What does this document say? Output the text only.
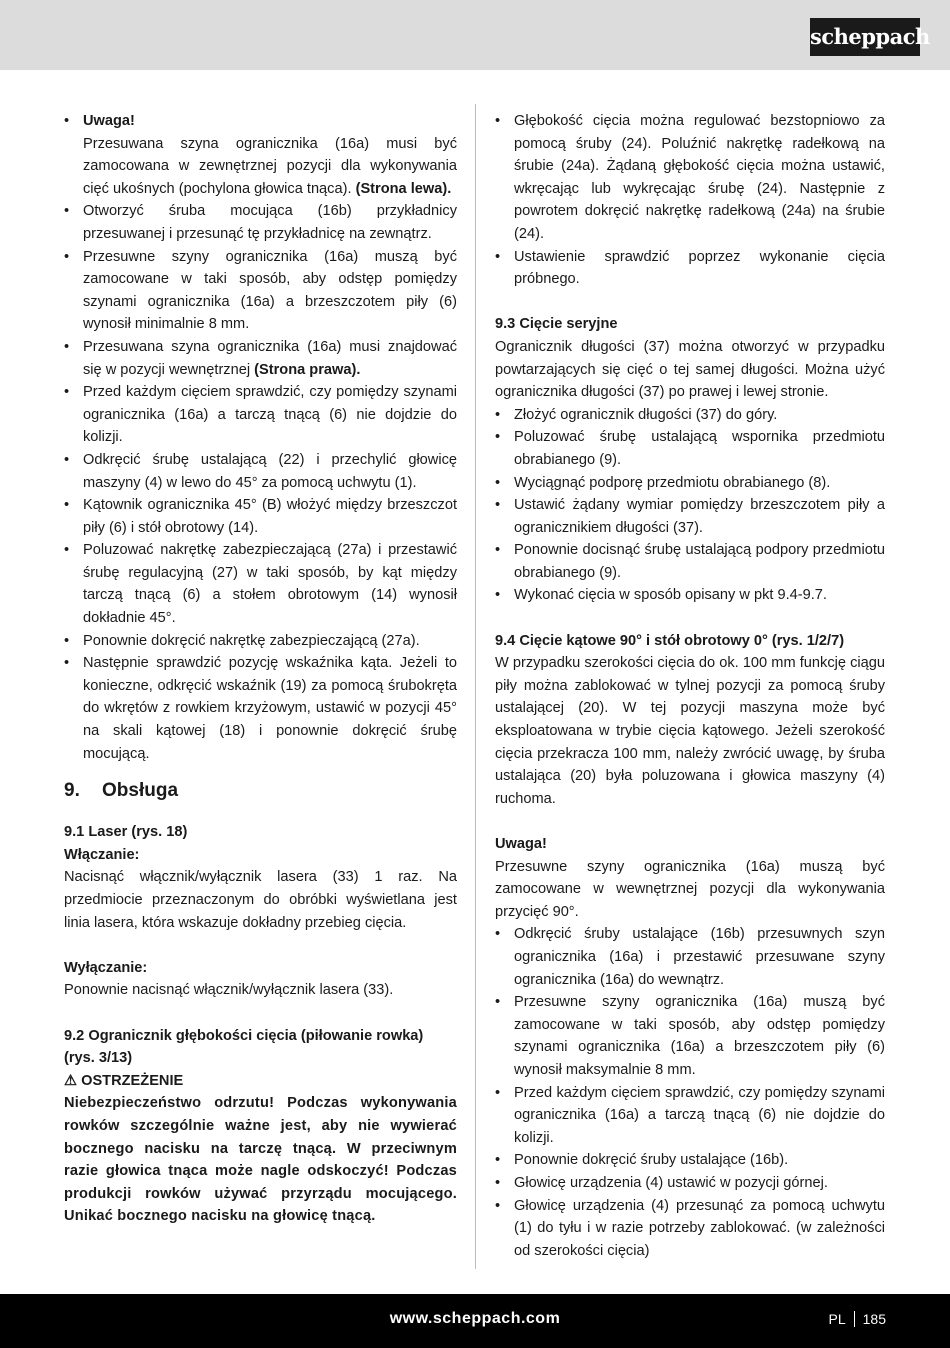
scheppach
• Uwaga!
Przesuwana szyna ogranicznika (16a) musi być zamocowana w zewnętrznej pozycji dla wykonywania cięć ukośnych (pochylona głowica tnąca). (Strona lewa).
• Otworzyć śruba mocująca (16b) przykładnicy przesuwanej i przesunąć tę przykładnicę na zewnątrz.
• Przesuwne szyny ogranicznika (16a) muszą być zamocowane w taki sposób, aby odstęp pomiędzy szynami ogranicznika (16a) a brzeszczotem piły (6) wynosił minimalnie 8 mm.
• Przesuwana szyna ogranicznika (16a) musi znajdować się w pozycji wewnętrznej (Strona prawa).
• Przed każdym cięciem sprawdzić, czy pomiędzy szynami ogranicznika (16a) a tarczą tnącą (6) nie dojdzie do kolizji.
• Odkręcić śrubę ustalającą (22) i przechylić głowicę maszyny (4) w lewo do 45° za pomocą uchwytu (1).
• Kątownik ogranicznika 45° (B) włożyć między brzeszczot piły (6) i stół obrotowy (14).
• Poluzować nakrętkę zabezpieczającą (27a) i przestawić śrubę regulacyjną (27) w taki sposób, by kąt między tarczą tnącą (6) a stołem obrotowym (14) wynosił dokładnie 45°.
• Ponownie dokręcić nakrętkę zabezpieczającą (27a).
• Następnie sprawdzić pozycję wskaźnika kąta. Jeżeli to konieczne, odkręcić wskaźnik (19) za pomocą śrubokręta do wkrętów z rowkiem krzyżowym, ustawić w pozycji 45° na skali kątowej (18) i ponownie dokręcić śrubę mocującą.
9. Obsługa
9.1 Laser (rys. 18)
Włączanie:
Nacisnąć włącznik/wyłącznik lasera (33) 1 raz. Na przedmiocie przeznaczonym do obróbki wyświetlana jest linia lasera, która wskazuje dokładny przebieg cięcia.
Wyłączanie:
Ponownie nacisnąć włącznik/wyłącznik lasera (33).
9.2 Ogranicznik głębokości cięcia (piłowanie rowka) (rys. 3/13)
⚠ OSTRZEŻENIE
Niebezpieczeństwo odrzutu! Podczas wykonywania rowków szczególnie ważne jest, aby nie wywierać bocznego nacisku na tarczę tnącą. W przeciwnym razie głowica tnąca może nagle odskoczyć! Podczas produkcji rowków używać przyrządu mocującego. Unikać bocznego nacisku na głowicę tnącą.
• Głębokość cięcia można regulować bezstopniowo za pomocą śruby (24). Poluźnić nakrętkę radełkową na śrubie (24a). Żądaną głębokość cięcia można ustawić, wkręcając lub wykręcając śrubę (24). Następnie z powrotem dokręcić nakrętkę radełkową (24a) na śrubie (24).
• Ustawienie sprawdzić poprzez wykonanie cięcia próbnego.
9.3 Cięcie seryjne
Ogranicznik długości (37) można otworzyć w przypadku powtarzających się cięć o tej samej długości. Można użyć ogranicznika długości (37) po prawej i lewej stronie.
• Złożyć ogranicznik długości (37) do góry.
• Poluzować śrubę ustalającą wspornika przedmiotu obrabianego (9).
• Wyciągnąć podporę przedmiotu obrabianego (8).
• Ustawić żądany wymiar pomiędzy brzeszczotem piły a ogranicznikiem długości (37).
• Ponownie docisnąć śrubę ustalającą podpory przedmiotu obrabianego (9).
• Wykonać cięcia w sposób opisany w pkt 9.4-9.7.
9.4 Cięcie kątowe 90° i stół obrotowy 0° (rys. 1/2/7)
W przypadku szerokości cięcia do ok. 100 mm funkcję ciągu piły można zablokować w tylnej pozycji za pomocą śruby ustalającej (20). W tej pozycji maszyna może być eksploatowana w trybie cięcia kątowego. Jeżeli szerokość cięcia przekracza 100 mm, należy zwrócić uwagę, by śruba ustalająca (20) była poluzowana i głowica maszyny (4) ruchoma.
Uwaga!
Przesuwne szyny ogranicznika (16a) muszą być zamocowane w wewnętrznej pozycji dla wykonywania przycięć 90°.
• Odkręcić śruby ustalające (16b) przesuwnych szyn ogranicznika (16a) i przestawić przesuwane szyny ogranicznika (16a) do wewnątrz.
• Przesuwne szyny ogranicznika (16a) muszą być zamocowane w taki sposób, aby odstęp pomiędzy szynami ogranicznika (16a) a brzeszczotem piły (6) wynosił maksymalnie 8 mm.
• Przed każdym cięciem sprawdzić, czy pomiędzy szynami ogranicznika (16a) a tarczą tnącą (6) nie dojdzie do kolizji.
• Ponownie dokręcić śruby ustalające (16b).
• Głowicę urządzenia (4) ustawić w pozycji górnej.
• Głowicę urządzenia (4) przesunąć za pomocą uchwytu (1) do tyłu i w razie potrzeby zablokować. (w zależności od szerokości cięcia)
www.scheppach.com	PL 185
